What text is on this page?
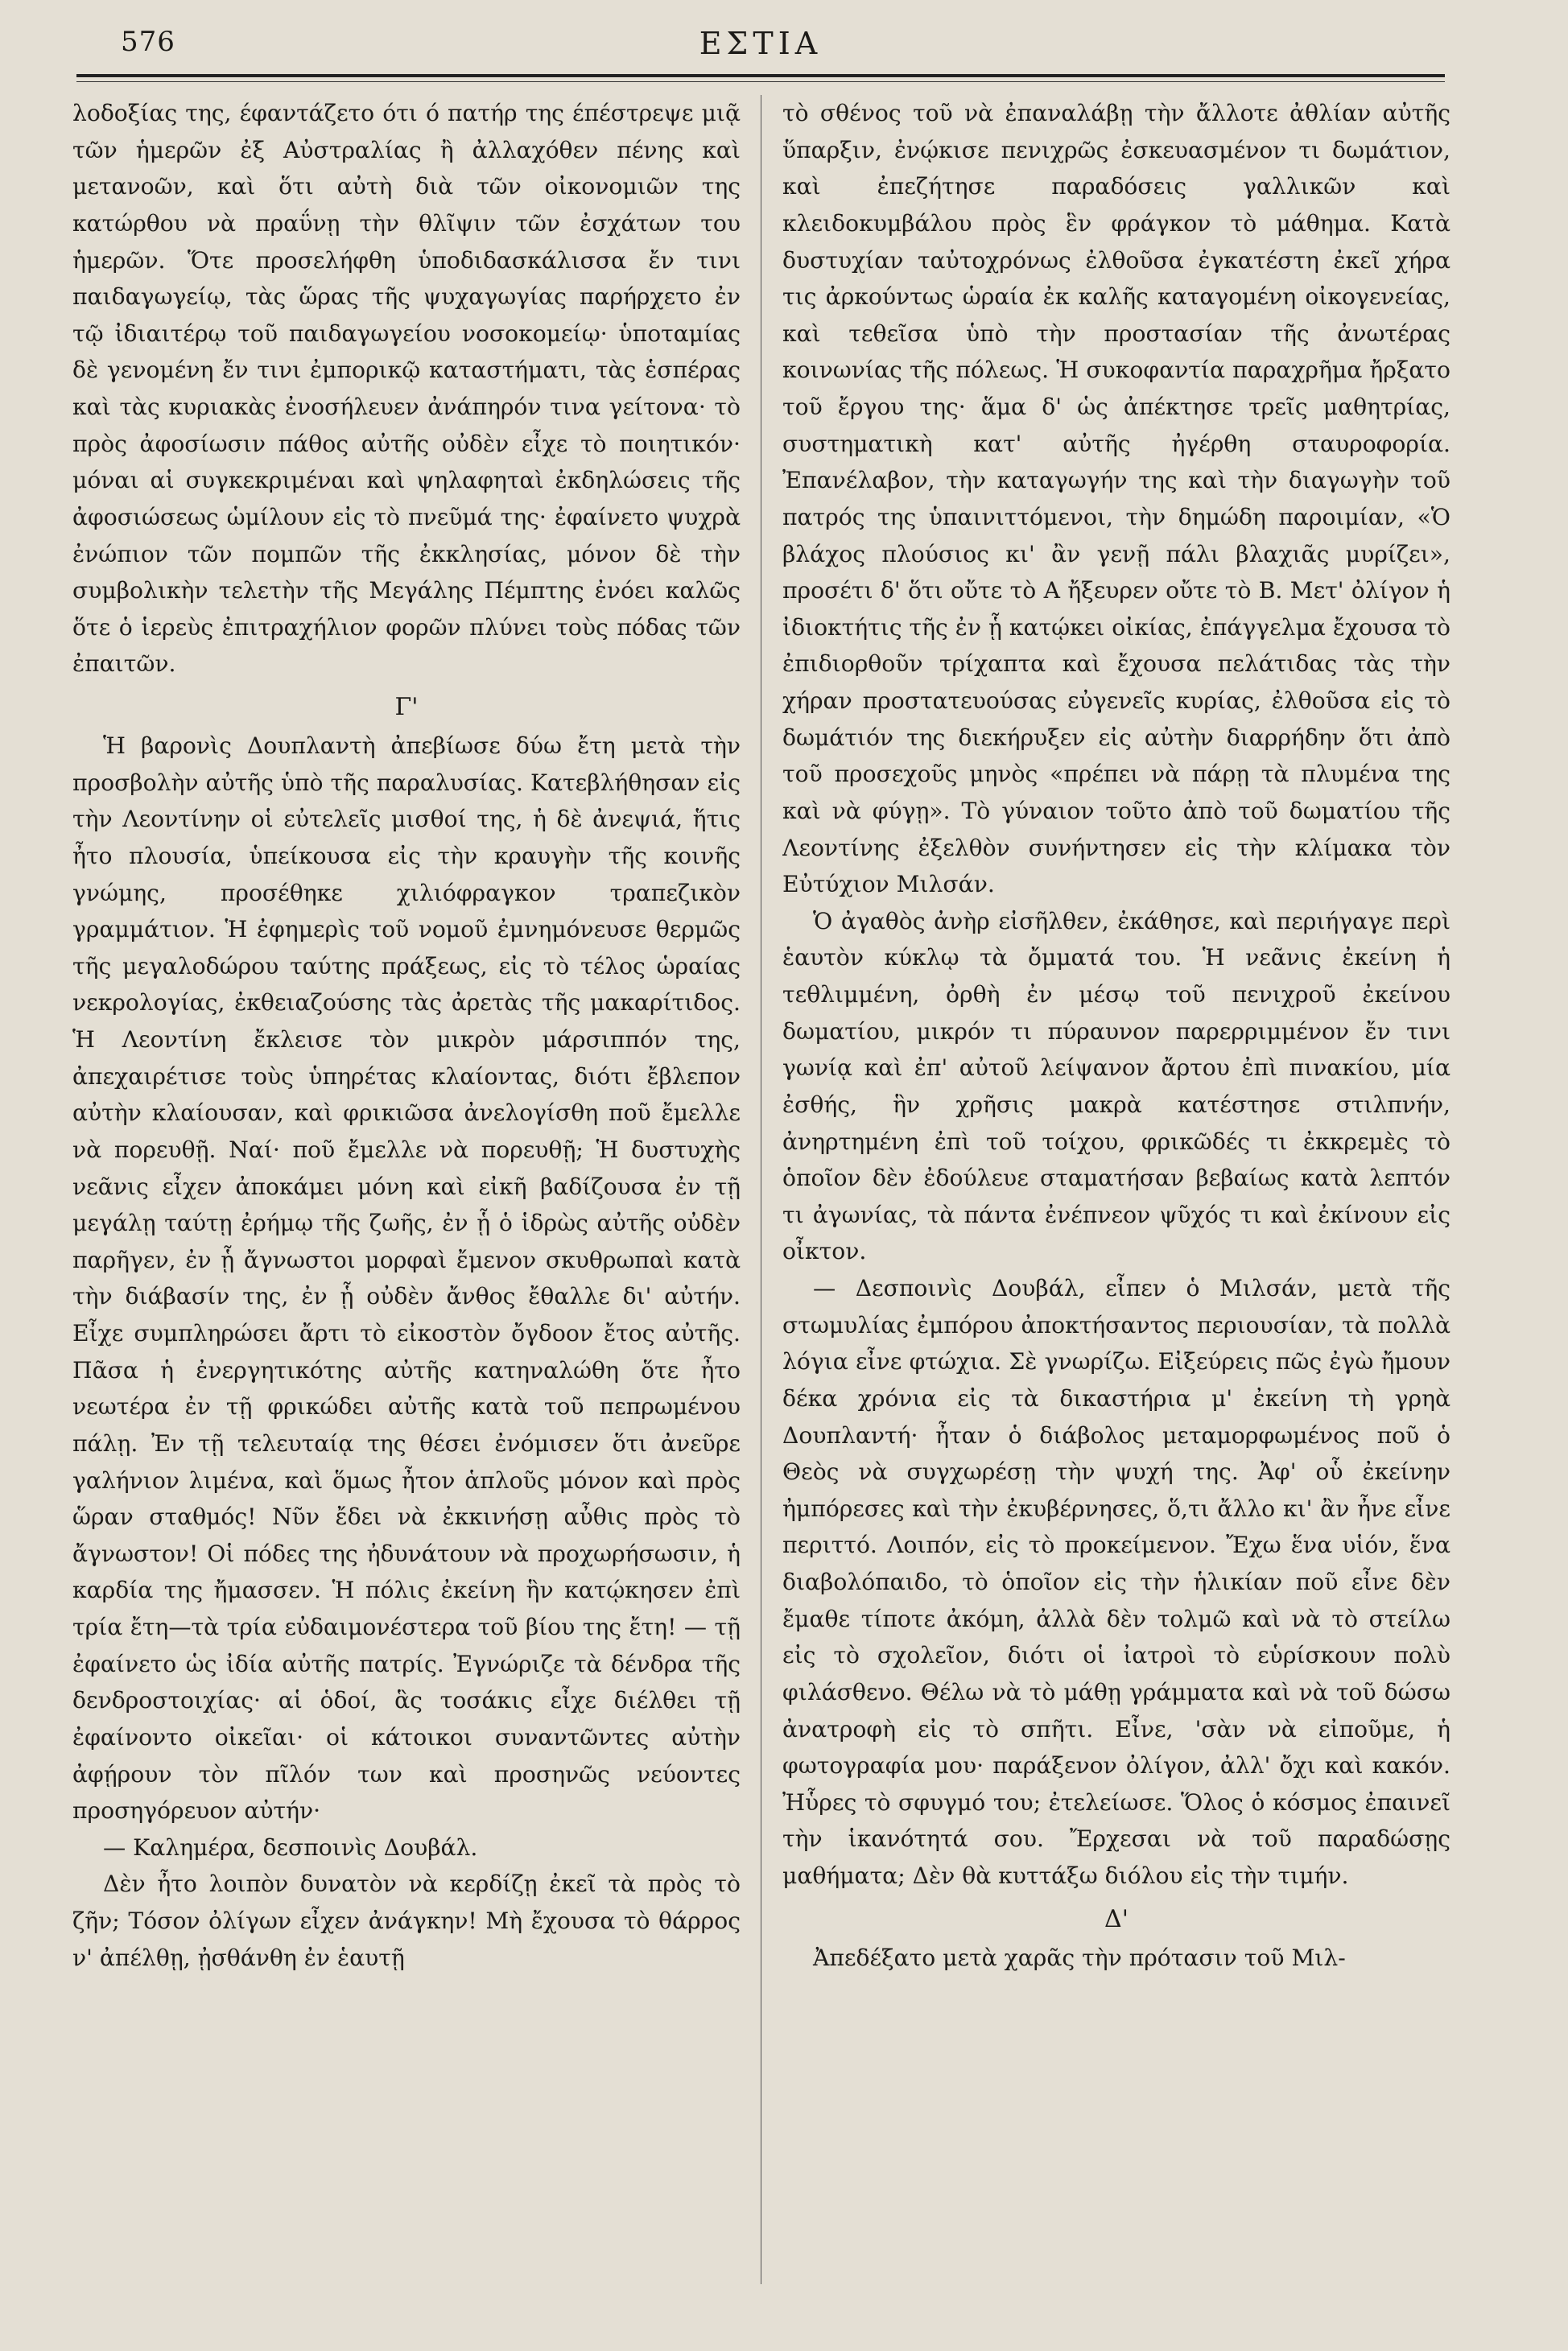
576	ΕΣΤΙΑ

λοδοξίας της, έφαντάζετο ότι ό πατήρ της έπέστρεψε μιᾷ τῶν ἡμερῶν ἐξ Αὐστραλίας ἢ ἀλλαχόθεν πένης καὶ μετανοῶν, καὶ ὅτι αὐτὴ διὰ τῶν οἰκονομιῶν της κατώρθου νὰ πραΰνῃ τὴν θλῖψιν τῶν ἐσχάτων του ἡμερῶν. Ὅτε προσελήφθη ὑποδιδασκάλισσα ἔν τινι παιδαγωγείῳ, τὰς ὥρας τῆς ψυχαγωγίας παρήρχετο ἐν τῷ ἰδιαιτέρῳ τοῦ παιδαγωγείου νοσοκομείῳ· ὑποταμίας δὲ γενομένη ἔν τινι ἐμπορικῷ καταστήματι, τὰς ἑσπέρας καὶ τὰς κυριακὰς ἐνοσήλευεν ἀνάπηρόν τινα γείτονα· τὸ πρὸς ἀφοσίωσιν πάθος αὐτῆς οὐδὲν εἶχε τὸ ποιητικόν· μόναι αἱ συγκεκριμέναι καὶ ψηλαφηταὶ ἐκδηλώσεις τῆς ἀφοσιώσεως ὡμίλουν εἰς τὸ πνεῦμά της· ἐφαίνετο ψυχρὰ ἐνώπιον τῶν πομπῶν τῆς ἐκκλησίας, μόνον δὲ τὴν συμβολικὴν τελετὴν τῆς Μεγάλης Πέμπτης ἐνόει καλῶς ὅτε ὁ ἱερεὺς ἐπιτραχήλιον φορῶν πλύνει τοὺς πόδας τῶν ἐπαιτῶν.

Γ'

Ἡ βαρονὶς Δουπλαντὴ ἀπεβίωσε δύω ἔτη μετὰ τὴν προσβολὴν αὐτῆς ὑπὸ τῆς παραλυσίας. Κατεβλήθησαν εἰς τὴν Λεοντίνην οἱ εὐτελεῖς μισθοί της, ἡ δὲ ἀνεψιά, ἥτις ἦτο πλουσία, ὑπείκουσα εἰς τὴν κραυγὴν τῆς κοινῆς γνώμης, προσέθηκε χιλιόφραγκον τραπεζικὸν γραμμάτιον. Ἡ ἐφημερὶς τοῦ νομοῦ ἐμνημόνευσε θερμῶς τῆς μεγαλοδώρου ταύτης πράξεως, εἰς τὸ τέλος ὡραίας νεκρολογίας, ἐκθειαζούσης τὰς ἀρετὰς τῆς μακαρίτιδος. Ἡ Λεοντίνη ἔκλεισε τὸν μικρὸν μάρσιππόν της, ἀπεχαιρέτισε τοὺς ὑπηρέτας κλαίοντας, διότι ἔβλεπον αὐτὴν κλαίουσαν, καὶ φρικιῶσα ἀνελογίσθη ποῦ ἔμελλε νὰ πορευθῇ. Ναί· ποῦ ἔμελλε νὰ πορευθῇ; Ἡ δυστυχὴς νεᾶνις εἶχεν ἀποκάμει μόνη καὶ εἰκῆ βαδίζουσα ἐν τῇ μεγάλῃ ταύτῃ ἐρήμῳ τῆς ζωῆς, ἐν ᾗ ὁ ἱδρὼς αὐτῆς οὐδὲν παρῆγεν, ἐν ᾗ ἄγνωστοι μορφαὶ ἔμενον σκυθρωπαὶ κατὰ τὴν διάβασίν της, ἐν ᾗ οὐδὲν ἄνθος ἔθαλλε δι' αὐτήν. Εἶχε συμπληρώσει ἄρτι τὸ εἰκοστὸν ὄγδοον ἔτος αὐτῆς. Πᾶσα ἡ ἐνεργητικότης αὐτῆς κατηναλώθη ὅτε ἦτο νεωτέρα ἐν τῇ φρικώδει αὐτῆς κατὰ τοῦ πεπρωμένου πάλῃ. Ἐν τῇ τελευταίᾳ της θέσει ἐνόμισεν ὅτι ἀνεῦρε γαλήνιον λιμένα, καὶ ὅμως ἦτον ἁπλοῦς μόνον καὶ πρὸς ὥραν σταθμός! Νῦν ἔδει νὰ ἐκκινήσῃ αὖθις πρὸς τὸ ἄγνωστον! Οἱ πόδες της ἠδυνάτουν νὰ προχωρήσωσιν, ἡ καρδία της ἤμασσεν. Ἡ πόλις ἐκείνη ἣν κατῴκησεν ἐπὶ τρία ἔτη—τὰ τρία εὐδαιμονέστερα τοῦ βίου της ἔτη! — τῇ ἐφαίνετο ὡς ἰδία αὐτῆς πατρίς. Ἐγνώριζε τὰ δένδρα τῆς δενδροστοιχίας· αἱ ὁδοί, ἃς τοσάκις εἶχε διέλθει τῇ ἐφαίνοντο οἰκεῖαι· οἱ κάτοικοι συναντῶντες αὐτὴν ἀφῄρουν τὸν πῖλόν των καὶ προσηνῶς νεύοντες προσηγόρευον αὐτήν·

— Καλημέρα, δεσποινὶς Δουβάλ.

Δὲν ἦτο λοιπὸν δυνατὸν νὰ κερδίζῃ ἐκεῖ τὰ πρὸς τὸ ζῆν; Τόσον ὀλίγων εἶχεν ἀνάγκην! Μὴ ἔχουσα τὸ θάρρος ν' ἀπέλθῃ, ᾐσθάνθη ἐν ἑαυτῇ

τὸ σθένος τοῦ νὰ ἐπαναλάβῃ τὴν ἄλλοτε ἀθλίαν αὐτῆς ὕπαρξιν, ἐνῴκισε πενιχρῶς ἐσκευασμένον τι δωμάτιον, καὶ ἐπεζήτησε παραδόσεις γαλλικῶν καὶ κλειδοκυμβάλου πρὸς ἓν φράγκον τὸ μάθημα. Κατὰ δυστυχίαν ταὐτοχρόνως ἐλθοῦσα ἐγκατέστη ἐκεῖ χήρα τις ἀρκούντως ὡραία ἐκ καλῆς καταγομένη οἰκογενείας, καὶ τεθεῖσα ὑπὸ τὴν προστασίαν τῆς ἀνωτέρας κοινωνίας τῆς πόλεως. Ἡ συκοφαντία παραχρῆμα ἤρξατο τοῦ ἔργου της· ἅμα δ' ὡς ἀπέκτησε τρεῖς μαθητρίας, συστηματικὴ κατ' αὐτῆς ἠγέρθη σταυροφορία. Ἐπανέλαβον, τὴν καταγωγήν της καὶ τὴν διαγωγὴν τοῦ πατρός της ὑπαινιττόμενοι, τὴν δημώδη παροιμίαν, «Ὁ βλάχος πλούσιος κι' ἂν γενῇ πάλι βλαχιᾶς μυρίζει», προσέτι δ' ὅτι οὔτε τὸ Α ἤξευρεν οὔτε τὸ Β. Μετ' ὀλίγον ἡ ἰδιοκτήτις τῆς ἐν ᾗ κατῴκει οἰκίας, ἐπάγγελμα ἔχουσα τὸ ἐπιδιορθοῦν τρίχαπτα καὶ ἔχουσα πελάτιδας τὰς τὴν χήραν προστατευούσας εὐγενεῖς κυρίας, ἐλθοῦσα εἰς τὸ δωμάτιόν της διεκήρυξεν εἰς αὐτὴν διαρρήδην ὅτι ἀπὸ τοῦ προσεχοῦς μηνὸς «πρέπει νὰ πάρῃ τὰ πλυμένα της καὶ νὰ φύγῃ». Τὸ γύναιον τοῦτο ἀπὸ τοῦ δωματίου τῆς Λεοντίνης ἐξελθὸν συνήντησεν εἰς τὴν κλίμακα τὸν Εὐτύχιον Μιλσάν.

Ὁ ἀγαθὸς ἀνὴρ εἰσῆλθεν, ἐκάθησε, καὶ περιήγαγε περὶ ἑαυτὸν κύκλῳ τὰ ὄμματά του. Ἡ νεᾶνις ἐκείνη ἡ τεθλιμμένη, ὀρθὴ ἐν μέσῳ τοῦ πενιχροῦ ἐκείνου δωματίου, μικρόν τι πύραυνον παρερριμμένον ἔν τινι γωνίᾳ καὶ ἐπ' αὐτοῦ λείψανον ἄρτου ἐπὶ πινακίου, μία ἐσθής, ἣν χρῆσις μακρὰ κατέστησε στιλπνήν, ἀνηρτημένη ἐπὶ τοῦ τοίχου, φρικῶδές τι ἐκκρεμὲς τὸ ὁποῖον δὲν ἐδούλευε σταματήσαν βεβαίως κατὰ λεπτόν τι ἀγωνίας, τὰ πάντα ἐνέπνεον ψῦχός τι καὶ ἐκίνουν εἰς οἶκτον.

— Δεσποινὶς Δουβάλ, εἶπεν ὁ Μιλσάν, μετὰ τῆς στωμυλίας ἐμπόρου ἀποκτήσαντος περιουσίαν, τὰ πολλὰ λόγια εἶνε φτώχια. Σὲ γνωρίζω. Εἰξεύρεις πῶς ἐγὼ ἤμουν δέκα χρόνια εἰς τὰ δικαστήρια μ' ἐκείνη τὴ γρηὰ Δουπλαντή· ἦταν ὁ διάβολος μεταμορφωμένος ποῦ ὁ Θεὸς νὰ συγχωρέσῃ τὴν ψυχή της. Ἀφ' οὗ ἐκείνην ἠμπόρεσες καὶ τὴν ἐκυβέρνησες, ὅ,τι ἄλλο κι' ἂν ἦνε εἶνε περιττό. Λοιπόν, εἰς τὸ προκείμενον. Ἔχω ἕνα υἱόν, ἕνα διαβολόπαιδο, τὸ ὁποῖον εἰς τὴν ἡλικίαν ποῦ εἶνε δὲν ἔμαθε τίποτε ἀκόμη, ἀλλὰ δὲν τολμῶ καὶ νὰ τὸ στείλω εἰς τὸ σχολεῖον, διότι οἱ ἰατροὶ τὸ εὑρίσκουν πολὺ φιλάσθενο. Θέλω νὰ τὸ μάθῃ γράμματα καὶ νὰ τοῦ δώσω ἀνατροφὴ εἰς τὸ σπῆτι. Εἶνε, 'σὰν νὰ εἰποῦμε, ἡ φωτογραφία μου· παράξενον ὀλίγον, ἀλλ' ὄχι καὶ κακόν. Ἠὗρες τὸ σφυγμό του; ἐτελείωσε. Ὅλος ὁ κόσμος ἐπαινεῖ τὴν ἱκανότητά σου. Ἔρχεσαι νὰ τοῦ παραδώσῃς μαθήματα; Δὲν θὰ κυττάξω διόλου εἰς τὴν τιμήν.

Δ'

Ἀπεδέξατο μετὰ χαρᾶς τὴν πρότασιν τοῦ Μιλ-
